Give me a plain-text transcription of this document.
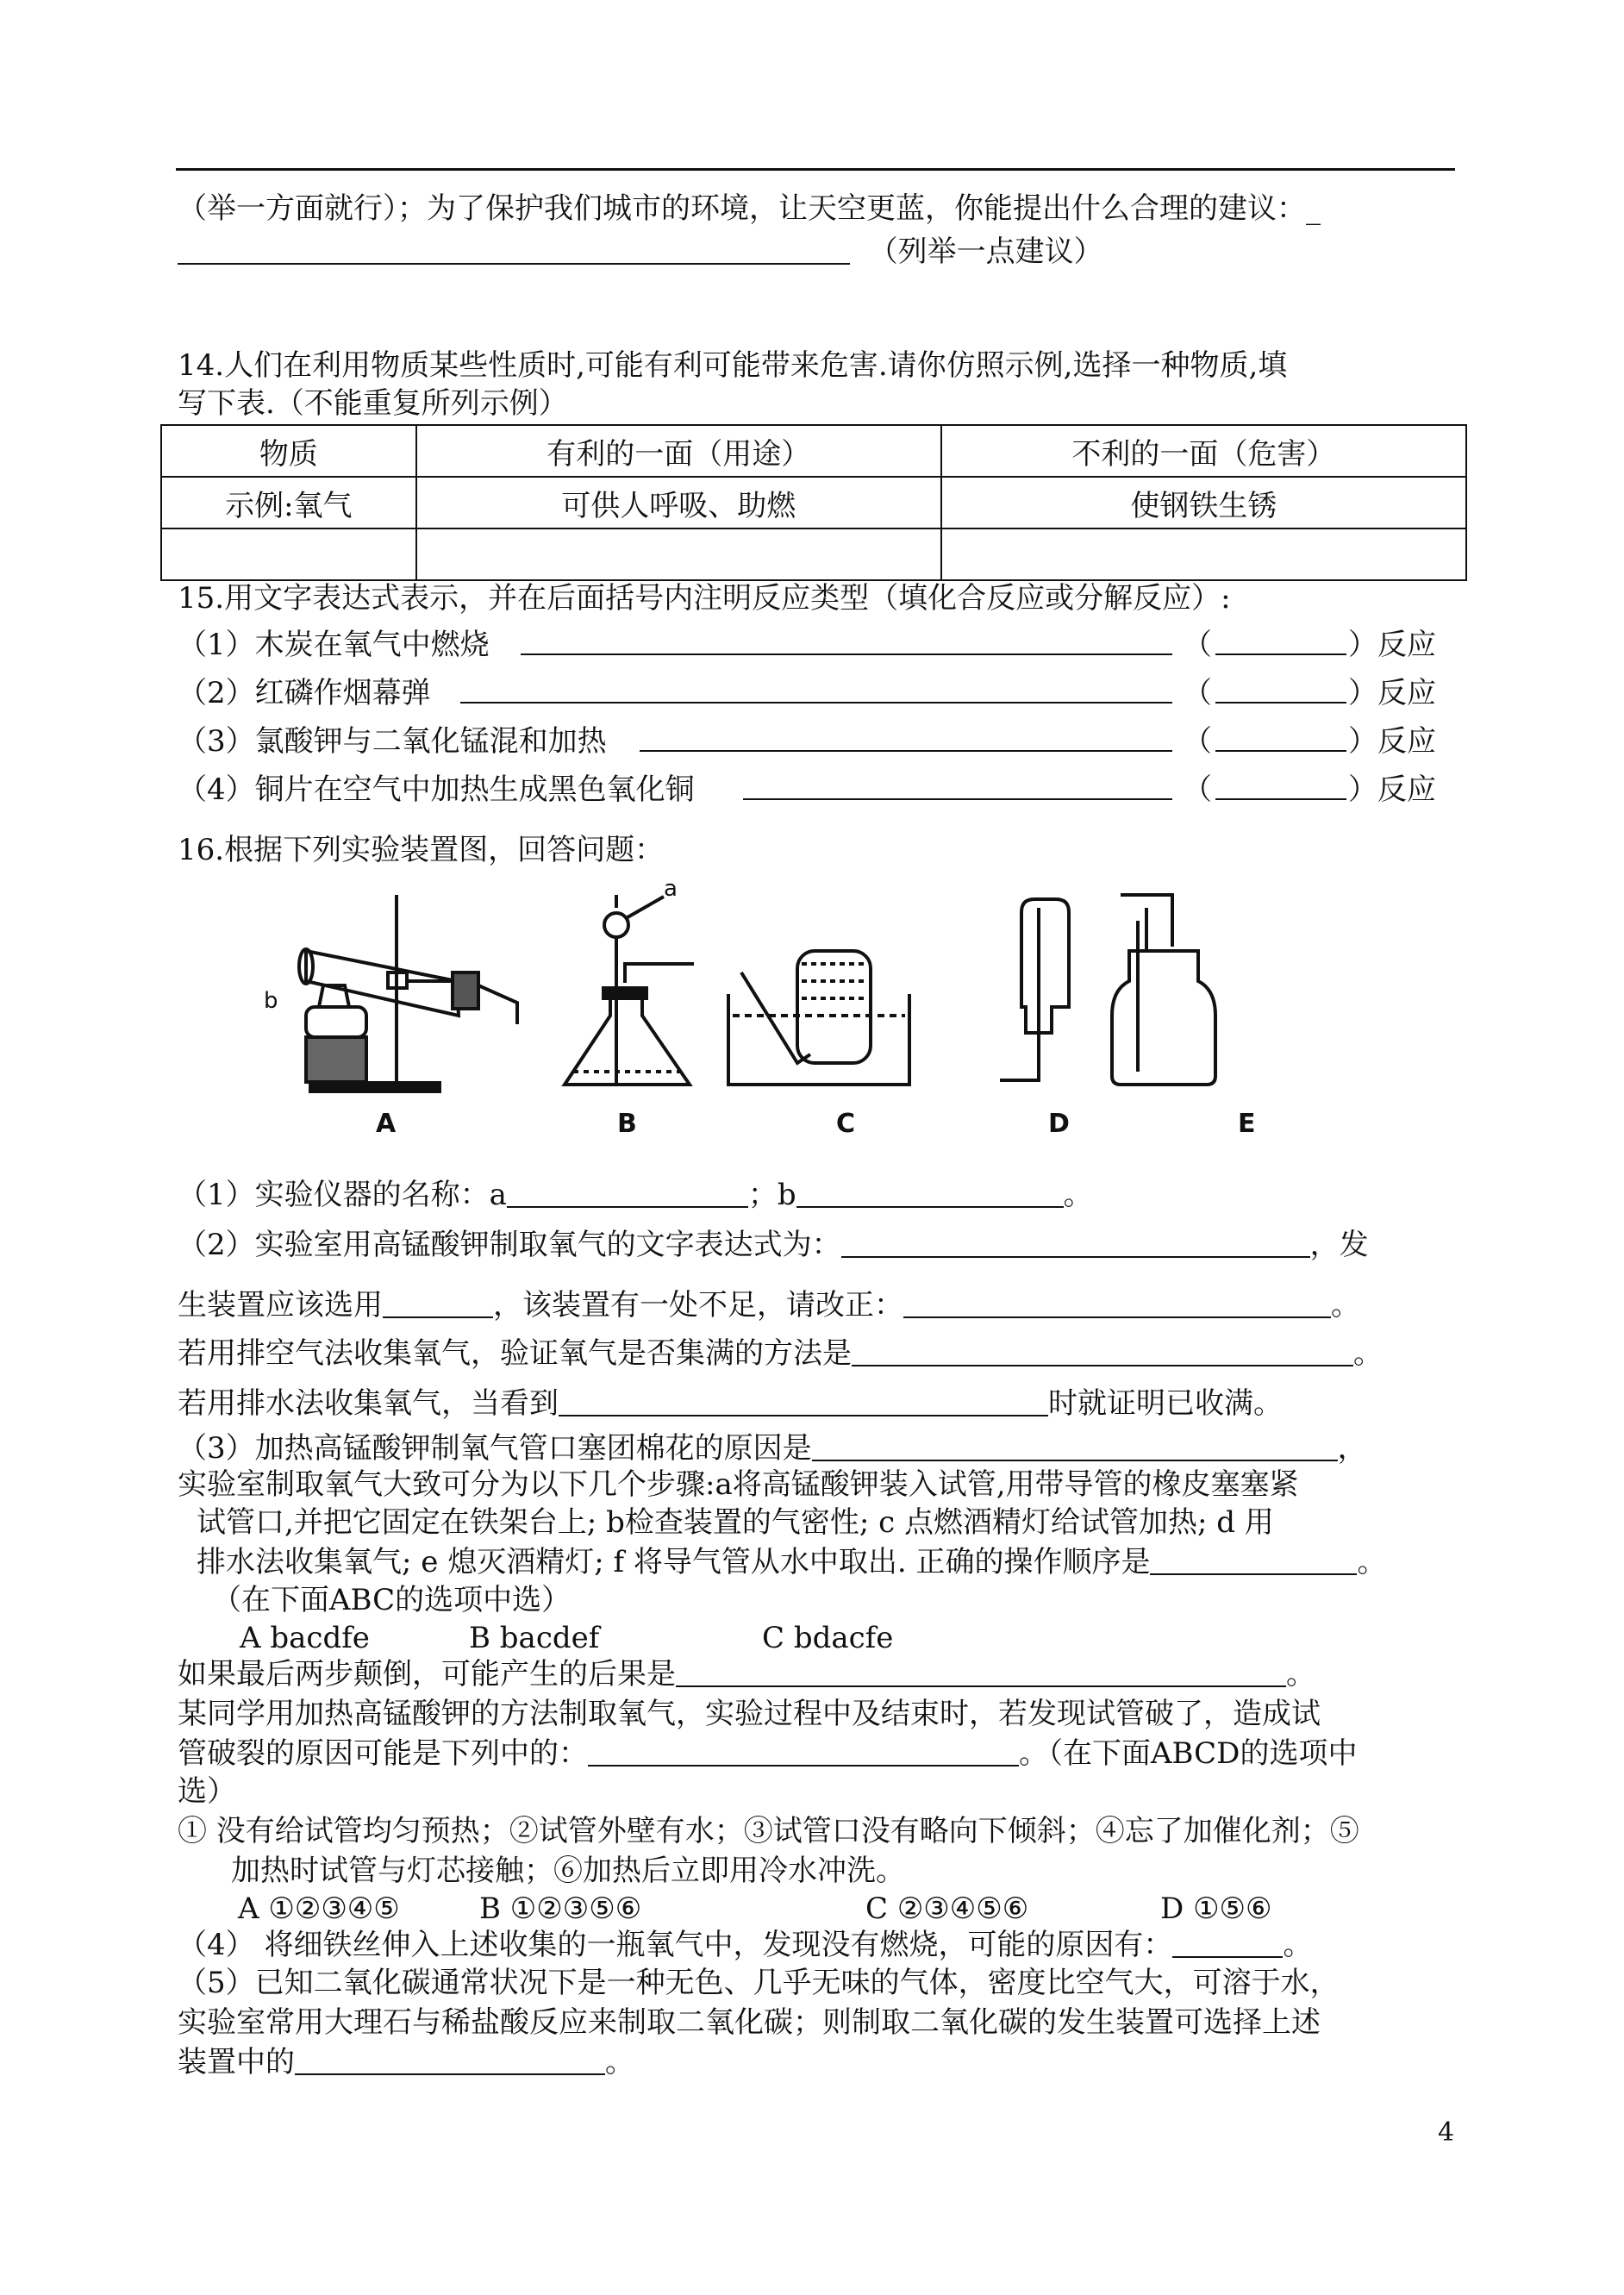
（举一方面就行）；为了保护我们城市的环境，让天空更蓝，你能提出什么合理的建议：_
（列举一点建议）
14.人们在利用物质某些性质时,可能有利可能带来危害.请你仿照示例,选择一种物质,填
写下表.（不能重复所列示例）
物质	有利的一面（用途）	不利的一面（危害）
示例:氧气	可供人呼吸、助燃	使钢铁生锈

15.用文字表达式表示，并在后面括号内注明反应类型（填化合反应或分解反应）:
（1）木炭在氧气中燃烧	（	）反应
（2）红磷作烟幕弹	（	）反应
（3）氯酸钾与二氧化锰混和加热	（	）反应
（4）铜片在空气中加热生成黑色氧化铜	（	）反应
16.根据下列实验装置图，回答问题：
a
b
A	B	C	D	E
（1）实验仪器的名称：a	；b	。
（2）实验室用高锰酸钾制取氧气的文字表达式为：	，发
生装置应该选用	，该装置有一处不足，请改正：	。
若用排空气法收集氧气，验证氧气是否集满的方法是	。
若用排水法收集氧气，当看到	时就证明已收满。
（3）加热高锰酸钾制氧气管口塞团棉花的原因是	，
实验室制取氧气大致可分为以下几个步骤:a将高锰酸钾装入试管,用带导管的橡皮塞塞紧
试管口,并把它固定在铁架台上; b检查装置的气密性; c 点燃酒精灯给试管加热; d 用
排水法收集氧气; e 熄灭酒精灯; f 将导气管从水中取出. 正确的操作顺序是	。
（在下面ABC的选项中选）
A bacdfe	B bacdef	C bdacfe
如果最后两步颠倒，可能产生的后果是	。
某同学用加热高锰酸钾的方法制取氧气，实验过程中及结束时，若发现试管破了，造成试
管破裂的原因可能是下列中的：	。（在下面ABCD的选项中
选）
① 没有给试管均匀预热；②试管外壁有水；③试管口没有略向下倾斜；④忘了加催化剂；⑤
加热时试管与灯芯接触；⑥加热后立即用冷水冲洗。
A ①②③④⑤	B ①②③⑤⑥	C ②③④⑤⑥	D ①⑤⑥
（4） 将细铁丝伸入上述收集的一瓶氧气中，发现没有燃烧，可能的原因有：	。
（5）已知二氧化碳通常状况下是一种无色、几乎无味的气体，密度比空气大，可溶于水，
实验室常用大理石与稀盐酸反应来制取二氧化碳；则制取二氧化碳的发生装置可选择上述
装置中的	。
4
